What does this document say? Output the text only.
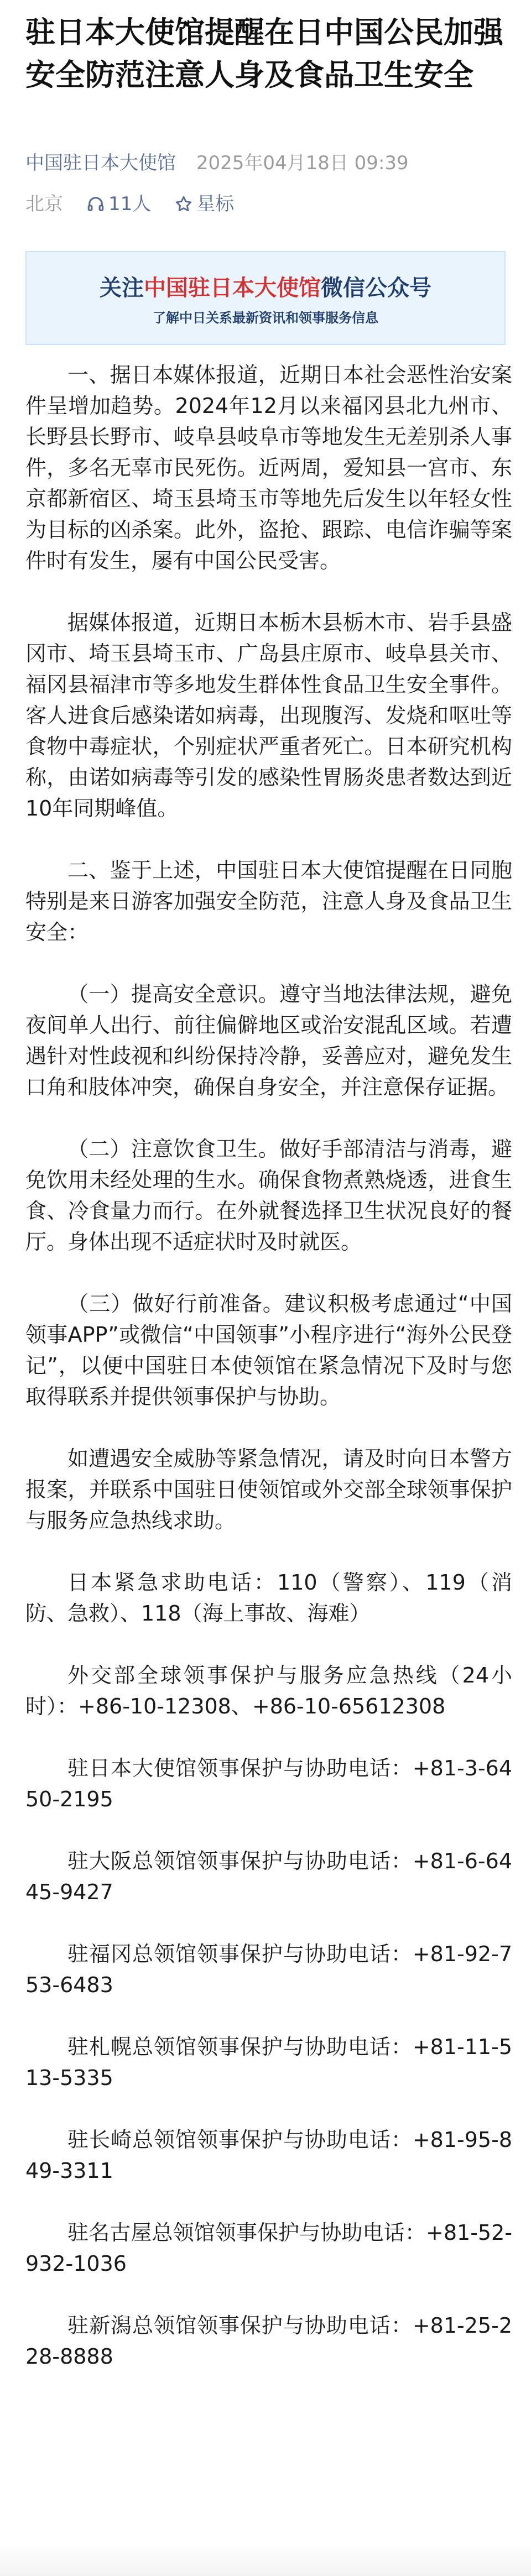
驻日本大使馆提醒在日中国公民加强安全防范注意人身及食品卫生安全
中国驻日本大使馆 2025年04月18日 09:39
北京 11人 星标
关注中国驻日本大使馆微信公众号
了解中日关系最新资讯和领事服务信息

一、据日本媒体报道，近期日本社会恶性治安案件呈增加趋势。2024年12月以来福冈县北九州市、长野县长野市、岐阜县岐阜市等地发生无差别杀人事件，多名无辜市民死伤。近两周，爱知县一宫市、东京都新宿区、埼玉县埼玉市等地先后发生以年轻女性为目标的凶杀案。此外，盗抢、跟踪、电信诈骗等案件时有发生，屡有中国公民受害。

据媒体报道，近期日本栃木县栃木市、岩手县盛冈市、埼玉县埼玉市、广岛县庄原市、岐阜县关市、福冈县福津市等多地发生群体性食品卫生安全事件。客人进食后感染诺如病毒，出现腹泻、发烧和呕吐等食物中毒症状，个别症状严重者死亡。日本研究机构称，由诺如病毒等引发的感染性胃肠炎患者数达到近10年同期峰值。

二、鉴于上述，中国驻日本大使馆提醒在日同胞特别是来日游客加强安全防范，注意人身及食品卫生安全：

（一）提高安全意识。遵守当地法律法规，避免夜间单人出行、前往偏僻地区或治安混乱区域。若遭遇针对性歧视和纠纷保持冷静，妥善应对，避免发生口角和肢体冲突，确保自身安全，并注意保存证据。

（二）注意饮食卫生。做好手部清洁与消毒，避免饮用未经处理的生水。确保食物煮熟烧透，进食生食、冷食量力而行。在外就餐选择卫生状况良好的餐厅。身体出现不适症状时及时就医。

（三）做好行前准备。建议积极考虑通过“中国领事APP”或微信“中国领事”小程序进行“海外公民登记”，以便中国驻日本使领馆在紧急情况下及时与您取得联系并提供领事保护与协助。

如遭遇安全威胁等紧急情况，请及时向日本警方报案，并联系中国驻日使领馆或外交部全球领事保护与服务应急热线求助。

日本紧急求助电话：110（警察）、119（消防、急救）、118（海上事故、海难）

外交部全球领事保护与服务应急热线（24小时）：+86-10-12308、+86-10-65612308

驻日本大使馆领事保护与协助电话：+81-3-6450-2195

驻大阪总领馆领事保护与协助电话：+81-6-6445-9427

驻福冈总领馆领事保护与协助电话：+81-92-753-6483

驻札幌总领馆领事保护与协助电话：+81-11-513-5335

驻长崎总领馆领事保护与协助电话：+81-95-849-3311

驻名古屋总领馆领事保护与协助电话：+81-52-932-1036

驻新潟总领馆领事保护与协助电话：+81-25-228-8888
